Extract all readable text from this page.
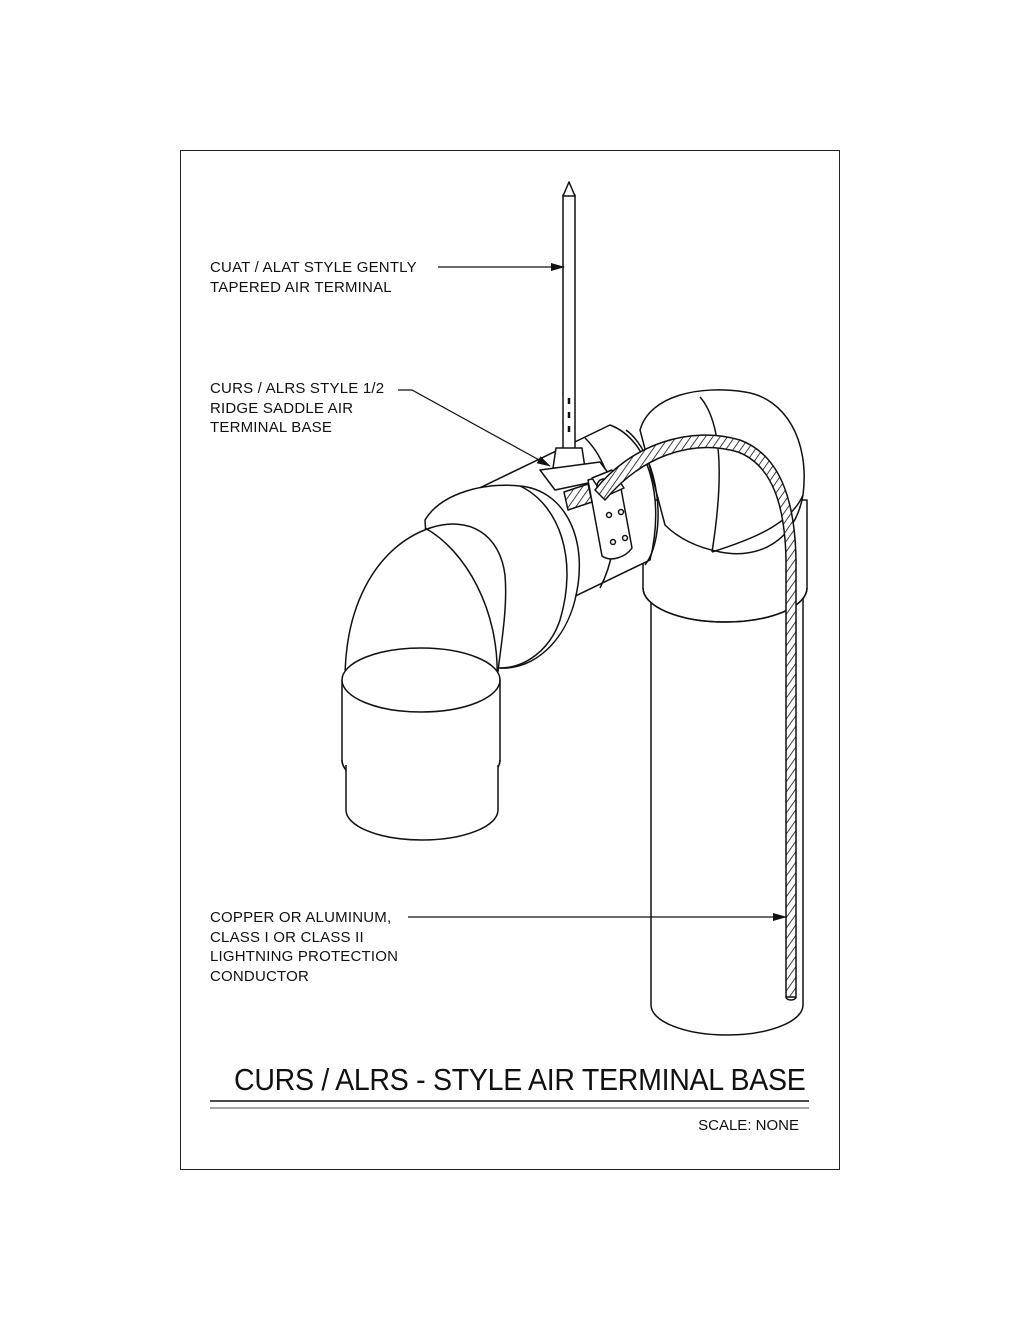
CUAT / ALAT STYLE GENTLY
TAPERED AIR TERMINAL
CURS / ALRS STYLE 1/2
RIDGE SADDLE AIR
TERMINAL BASE
COPPER OR ALUMINUM,
CLASS I OR CLASS II
LIGHTNING PROTECTION
CONDUCTOR
CURS / ALRS - STYLE AIR TERMINAL BASE
SCALE: NONE
